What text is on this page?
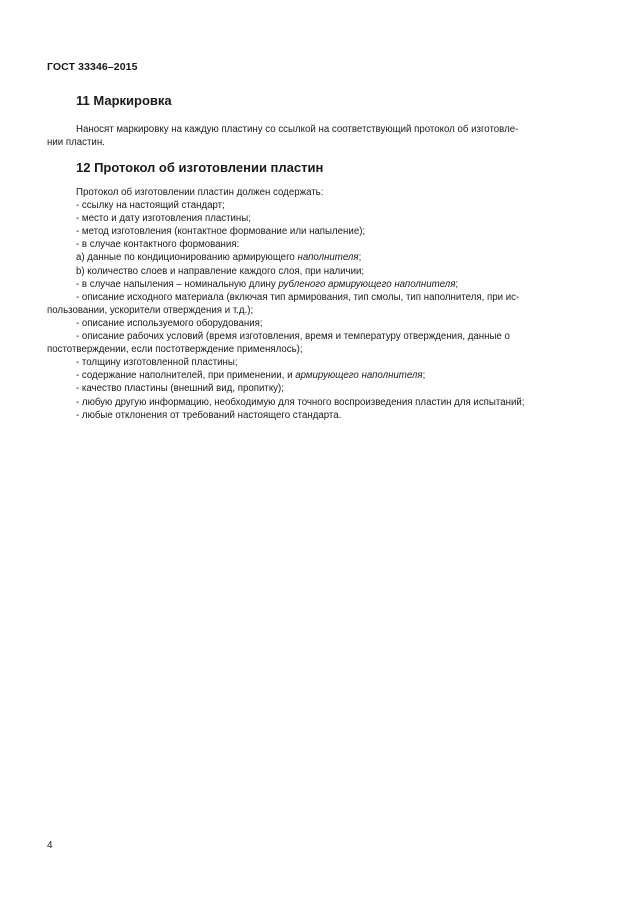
ГОСТ 33346–2015
11 Маркировка
Наносят маркировку на каждую пластину со ссылкой на соответствующий протокол об изготовле-
нии пластин.
12 Протокол об изготовлении пластин
Протокол об изготовлении пластин должен содержать:
- ссылку на настоящий стандарт;
- место и дату изготовления пластины;
- метод изготовления (контактное формование или напыление);
- в случае контактного формования:
а) данные по кондиционированию армирующего наполнителя;
b) количество слоев и направление каждого слоя, при наличии;
- в случае напыления – номинальную длину рубленого армирующего наполнителя;
- описание исходного материала (включая тип армирования, тип смолы, тип наполнителя, при ис-
пользовании, ускорители отверждения и т.д.);
- описание используемого оборудования;
- описание рабочих условий (время изготовления, время и температуру отверждения, данные о
постотверждении, если постотверждение применялось);
- толщину изготовленной пластины;
- содержание наполнителей, при применении, и армирующего наполнителя;
- качество пластины (внешний вид, пропитку);
- любую другую информацию, необходимую для точного воспроизведения пластин для испытаний;
- любые отклонения от требований настоящего стандарта.
4
